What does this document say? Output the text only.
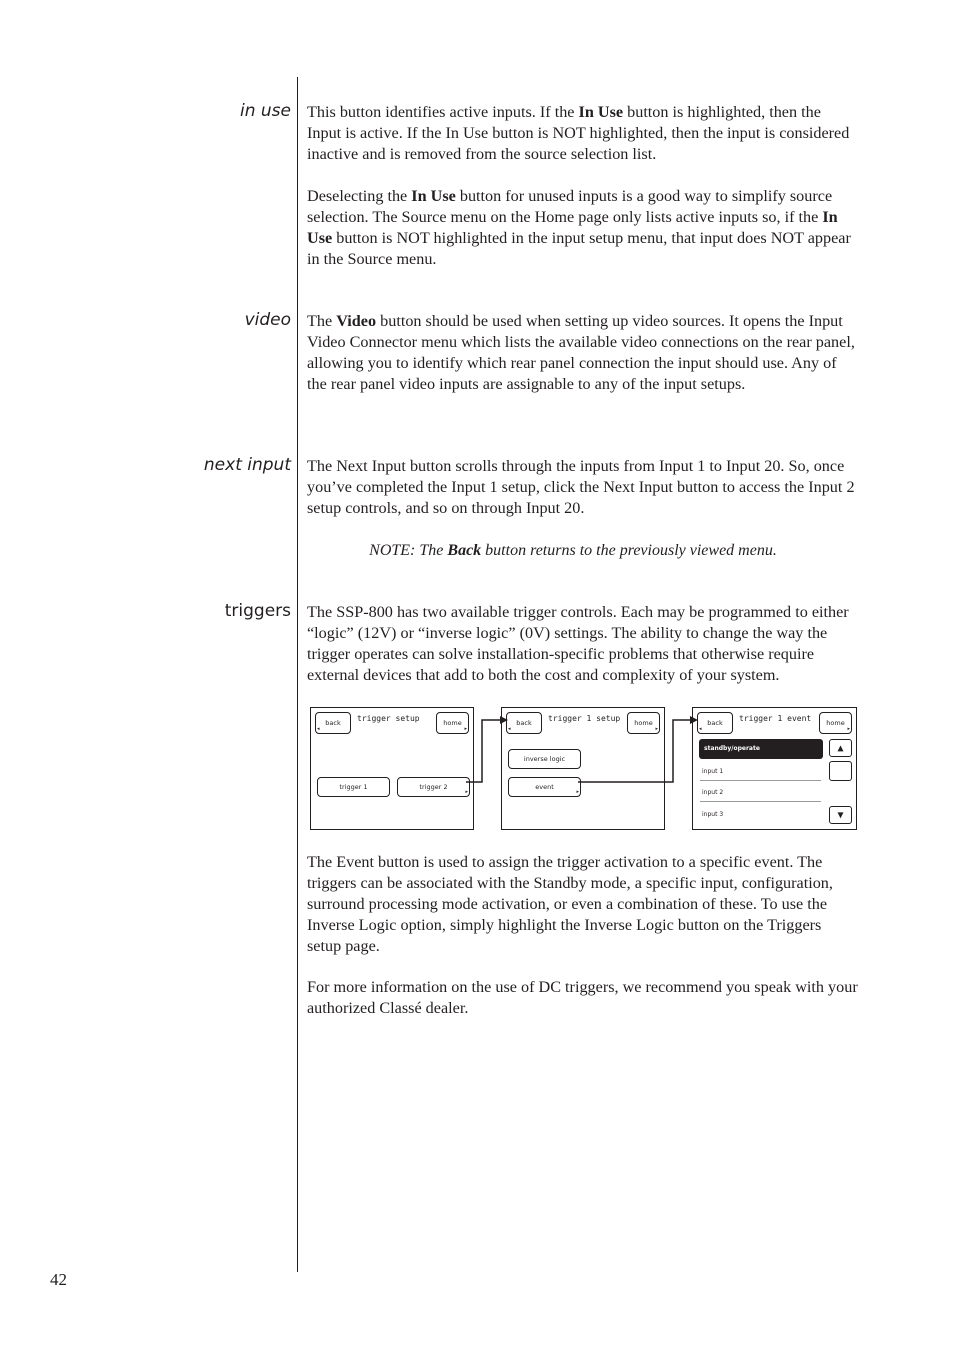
in use This button identifies active inputs. If the In Use button is highlighted, then the Input is active. If the In Use button is NOT highlighted, then the input is considered inactive and is removed from the source selection list.

Deselecting the In Use button for unused inputs is a good way to simplify source selection. The Source menu on the Home page only lists active inputs so, if the In Use button is NOT highlighted in the input setup menu, that input does NOT appear in the Source menu.

video The Video button should be used when setting up video sources. It opens the Input Video Connector menu which lists the available video connections on the rear panel, allowing you to identify which rear panel connection the input should use. Any of the rear panel video inputs are assignable to any of the input setups.

next input The Next Input button scrolls through the inputs from Input 1 to Input 20. So, once you’ve completed the Input 1 setup, click the Next Input button to access the Input 2 setup controls, and so on through Input 20.

NOTE: The Back button returns to the previously viewed menu.
triggers The SSP-800 has two available trigger controls. Each may be programmed to either “logic” (12V) or “inverse logic” (0V) settings. The ability to change the way the trigger operates can solve installation-specific problems that otherwise require external devices that add to both the cost and complexity of your system.

back
◂
trigger setup	home
▸
trigger 1	trigger 2
▸
back
◂
trigger 1 setup home
▸
inverse logic
event
▸
back
◂
trigger 1 event home
▸
standby/operate
input 1
input 2
input 3
▲
▼

The Event button is used to assign the trigger activation to a specific event. The triggers can be associated with the Standby mode, a specific input, configuration, surround processing mode activation, or even a combination of these. To use the Inverse Logic option, simply highlight the Inverse Logic button on the Triggers setup page.

For more information on the use of DC triggers, we recommend you speak with your authorized Classé dealer.

42
